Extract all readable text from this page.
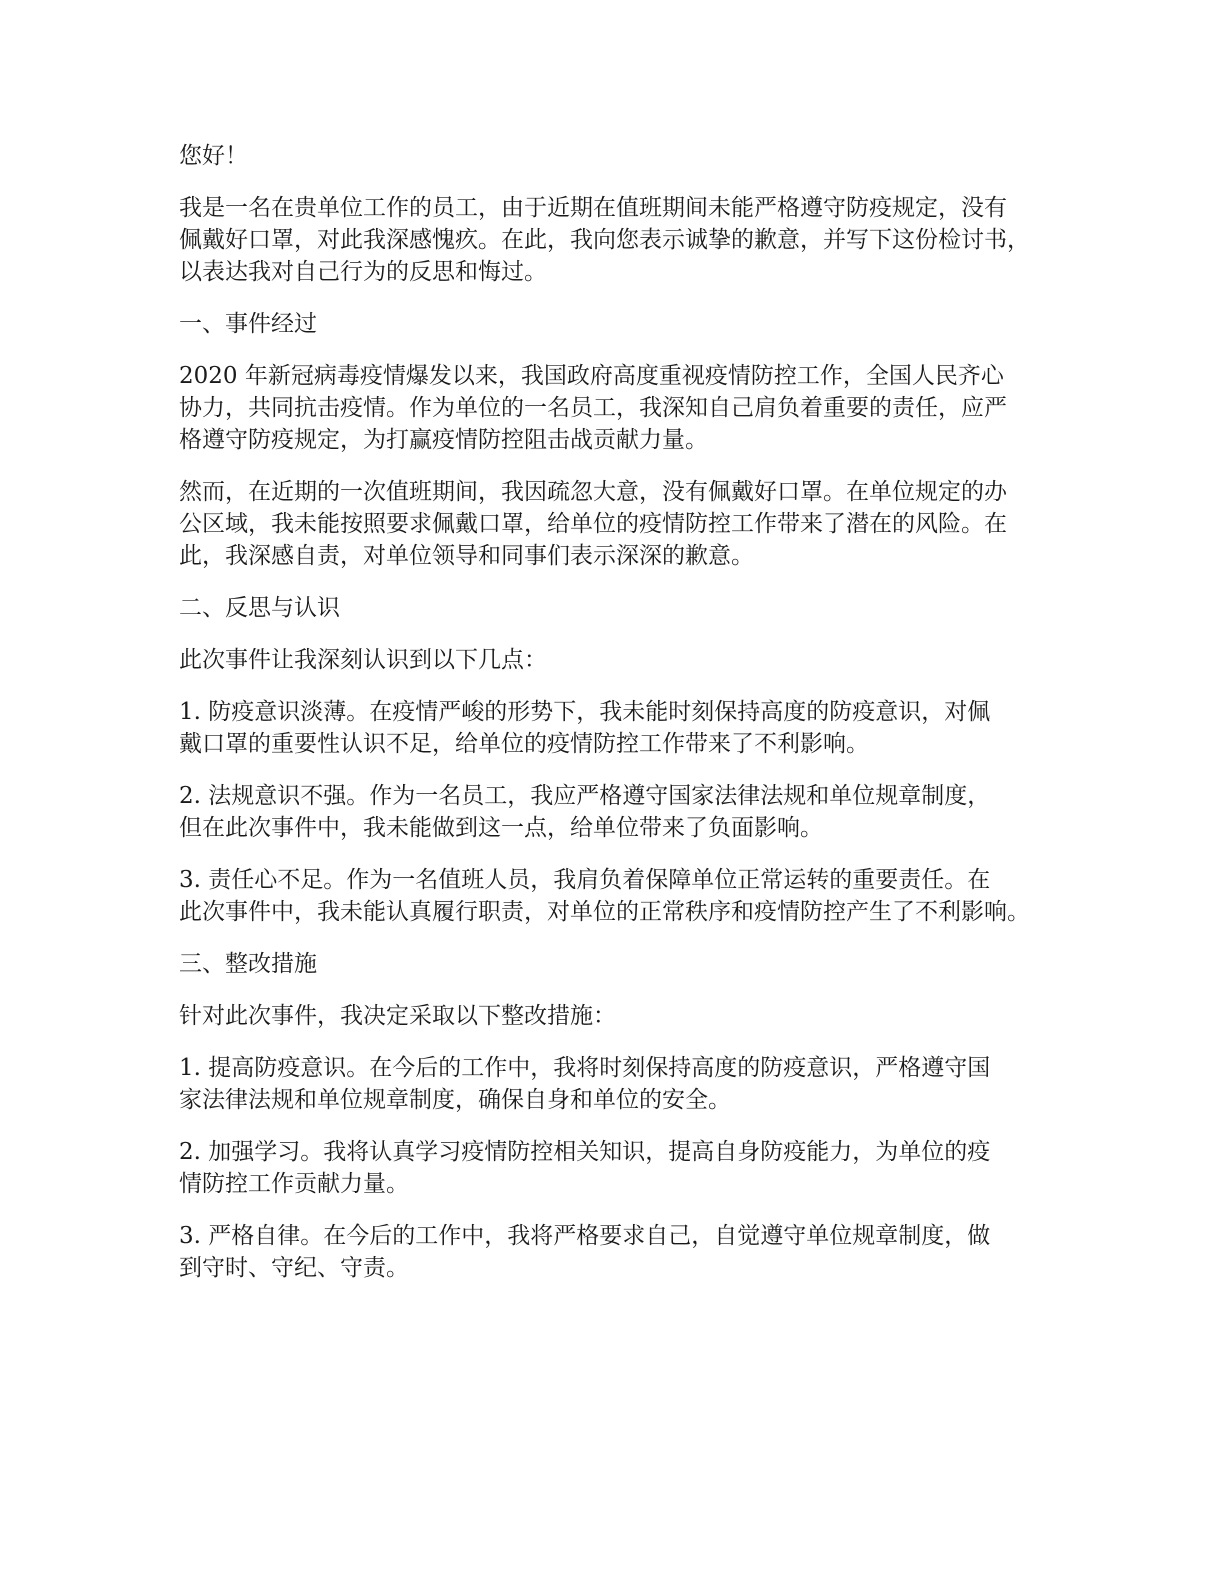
您好！

我是一名在贵单位工作的员工，由于近期在值班期间未能严格遵守防疫规定，没有
佩戴好口罩，对此我深感愧疚。在此，我向您表示诚挚的歉意，并写下这份检讨书，
以表达我对自己行为的反思和悔过。

一、事件经过

2020 年新冠病毒疫情爆发以来，我国政府高度重视疫情防控工作，全国人民齐心
协力，共同抗击疫情。作为单位的一名员工，我深知自己肩负着重要的责任，应严
格遵守防疫规定，为打赢疫情防控阻击战贡献力量。

然而，在近期的一次值班期间，我因疏忽大意，没有佩戴好口罩。在单位规定的办
公区域，我未能按照要求佩戴口罩，给单位的疫情防控工作带来了潜在的风险。在
此，我深感自责，对单位领导和同事们表示深深的歉意。

二、反思与认识

此次事件让我深刻认识到以下几点：

1. 防疫意识淡薄。在疫情严峻的形势下，我未能时刻保持高度的防疫意识，对佩
戴口罩的重要性认识不足，给单位的疫情防控工作带来了不利影响。

2. 法规意识不强。作为一名员工，我应严格遵守国家法律法规和单位规章制度，
但在此次事件中，我未能做到这一点，给单位带来了负面影响。

3. 责任心不足。作为一名值班人员，我肩负着保障单位正常运转的重要责任。在
此次事件中，我未能认真履行职责，对单位的正常秩序和疫情防控产生了不利影响。

三、整改措施

针对此次事件，我决定采取以下整改措施：

1. 提高防疫意识。在今后的工作中，我将时刻保持高度的防疫意识，严格遵守国
家法律法规和单位规章制度，确保自身和单位的安全。

2. 加强学习。我将认真学习疫情防控相关知识，提高自身防疫能力，为单位的疫
情防控工作贡献力量。

3. 严格自律。在今后的工作中，我将严格要求自己，自觉遵守单位规章制度，做
到守时、守纪、守责。
